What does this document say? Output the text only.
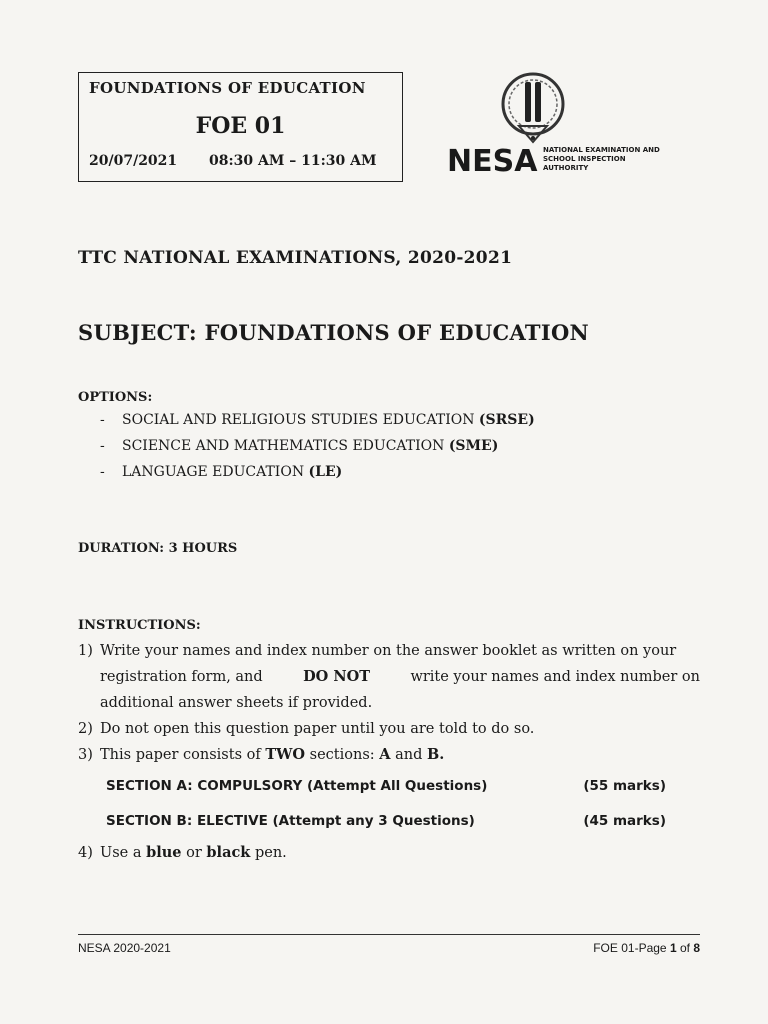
FOUNDATIONS OF EDUCATION
FOE 01
20/07/2021 08:30 AM – 11:30 AM NESA NATIONAL EXAMINATION AND
SCHOOL INSPECTION
AUTHORITY
TTC NATIONAL EXAMINATIONS, 2020-2021
SUBJECT: FOUNDATIONS OF EDUCATION
OPTIONS:
-	SOCIAL AND RELIGIOUS STUDIES EDUCATION (SRSE)
-	SCIENCE AND MATHEMATICS EDUCATION (SME)
-	LANGUAGE EDUCATION (LE)
DURATION: 3 HOURS
INSTRUCTIONS:
1) Write your names and index number on the answer booklet as written on your
registration form, and	DO NOT	write your names and index number on
additional answer sheets if provided.
2) Do not open this question paper until you are told to do so.
3) This paper consists of TWO sections: A and B.
SECTION A: COMPULSORY (Attempt All Questions)	(55 marks)
SECTION B: ELECTIVE (Attempt any 3 Questions)	(45 marks)
4) Use a blue or black pen.
NESA 2020-2021	FOE 01-Page 1 of 8
